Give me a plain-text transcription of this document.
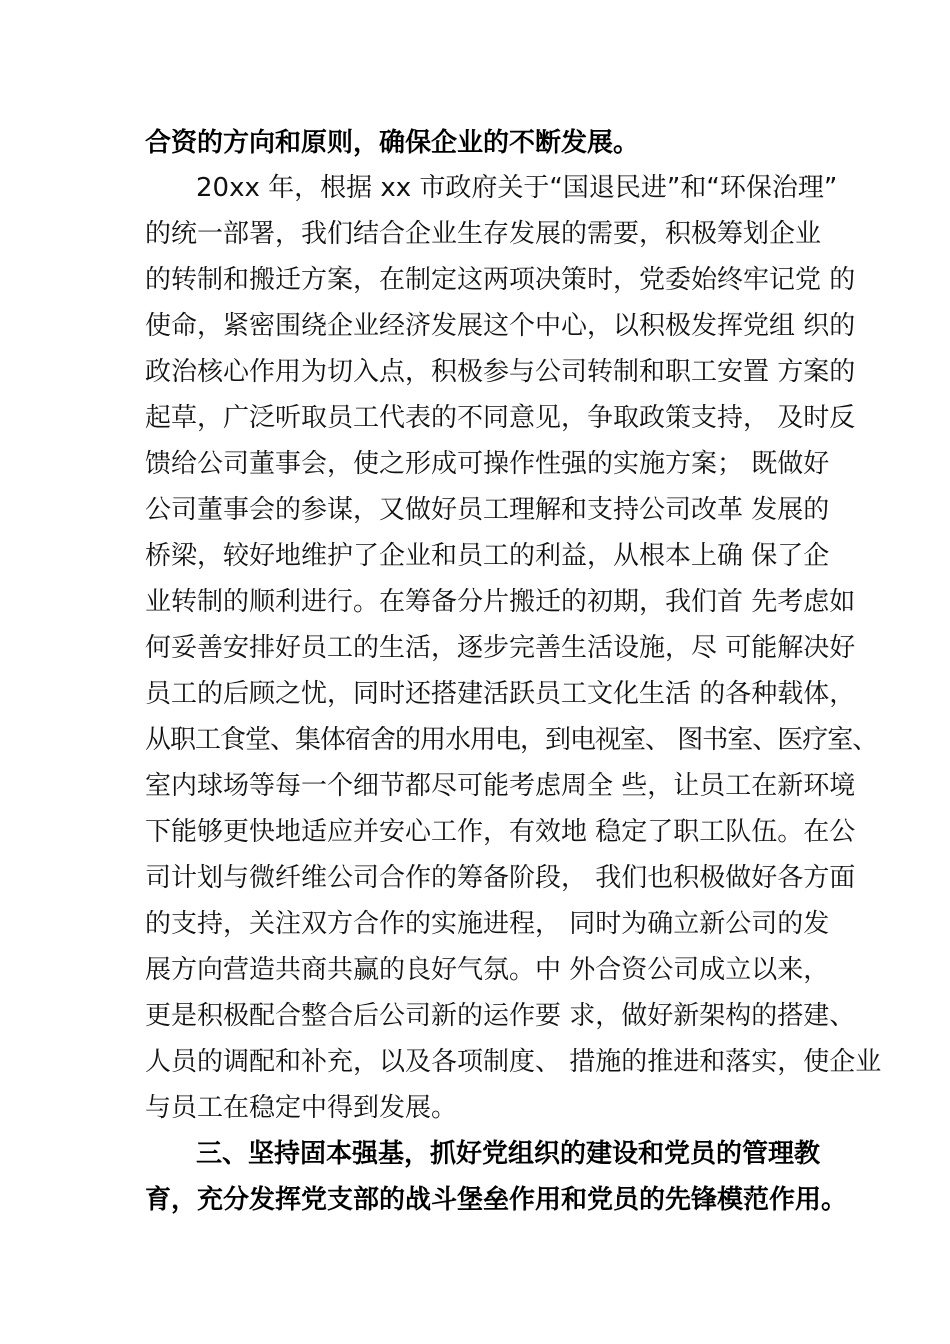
合资的方向和原则，确保企业的不断发展。
20xx 年，根据 xx 市政府关于“国退民进”和“环保治理”
的统一部署，我们结合企业生存发展的需要，积极筹划企业
的转制和搬迁方案，在制定这两项决策时，党委始终牢记党 的
使命，紧密围绕企业经济发展这个中心，以积极发挥党组 织的
政治核心作用为切入点，积极参与公司转制和职工安置 方案的
起草，广泛听取员工代表的不同意见，争取政策支持， 及时反
馈给公司董事会，使之形成可操作性强的实施方案； 既做好
公司董事会的参谋，又做好员工理解和支持公司改革 发展的
桥梁，较好地维护了企业和员工的利益，从根本上确 保了企
业转制的顺利进行。在筹备分片搬迁的初期，我们首 先考虑如
何妥善安排好员工的生活，逐步完善生活设施，尽 可能解决好
员工的后顾之忧，同时还搭建活跃员工文化生活 的各种载体，
从职工食堂、集体宿舍的用水用电，到电视室、 图书室、医疗室、
室内球场等每一个细节都尽可能考虑周全 些，让员工在新环境
下能够更快地适应并安心工作，有效地 稳定了职工队伍。在公
司计划与微纤维公司合作的筹备阶段， 我们也积极做好各方面
的支持，关注双方合作的实施进程， 同时为确立新公司的发
展方向营造共商共赢的良好气氛。中 外合资公司成立以来，
更是积极配合整合后公司新的运作要 求，做好新架构的搭建、
人员的调配和补充，以及各项制度、 措施的推进和落实，使企业
与员工在稳定中得到发展。
三、坚持固本强基，抓好党组织的建设和党员的管理教
育，充分发挥党支部的战斗堡垒作用和党员的先锋模范作用。
